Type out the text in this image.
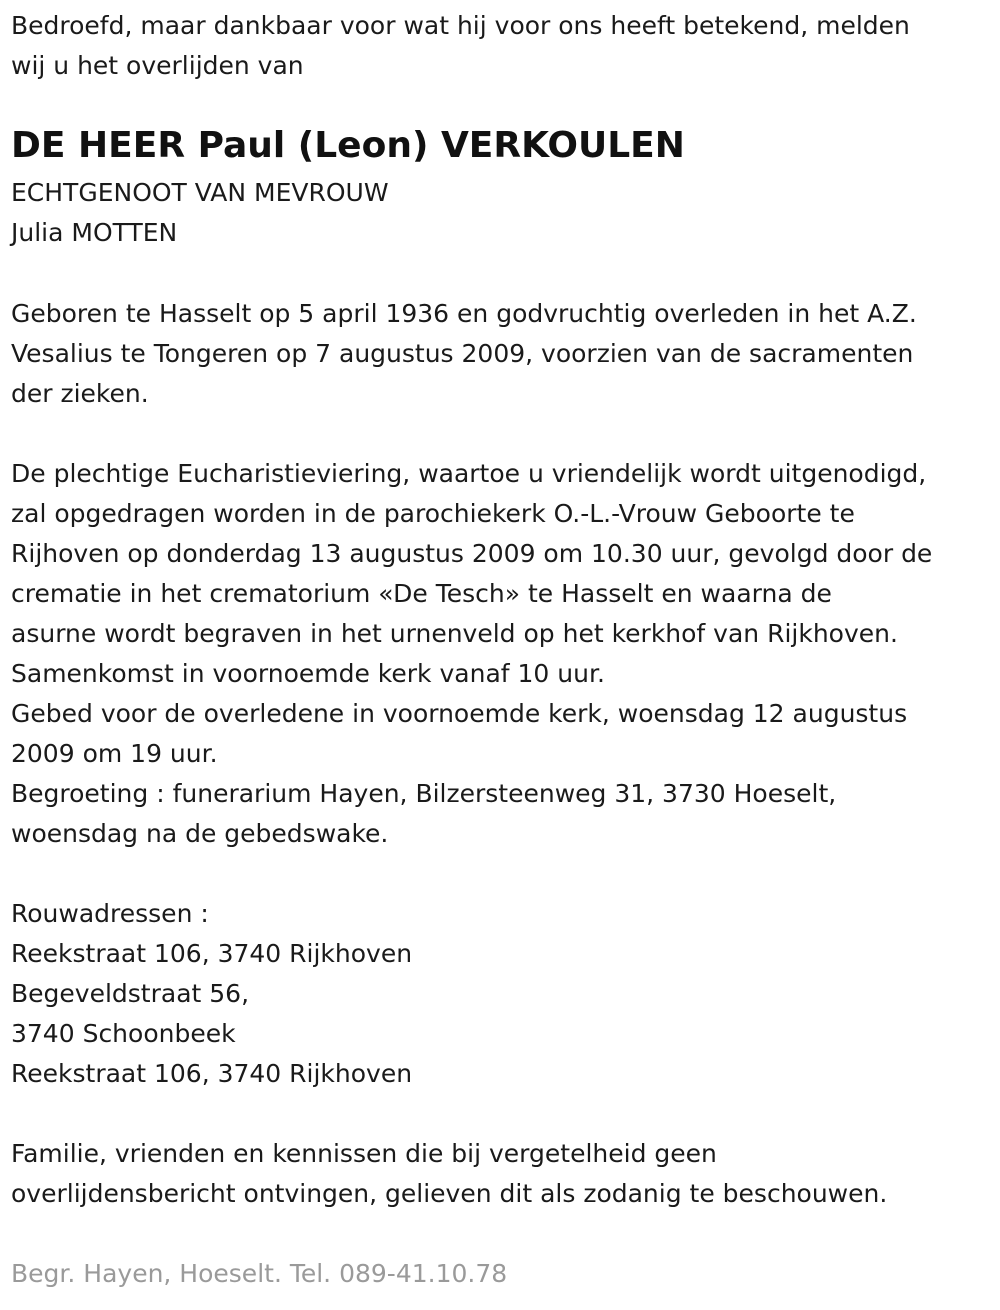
Bedroefd, maar dankbaar voor wat hij voor ons heeft betekend, melden
wij u het overlijden van
DE HEER Paul (Leon) VERKOULEN
ECHTGENOOT VAN MEVROUW
Julia MOTTEN
Geboren te Hasselt op 5 april 1936 en godvruchtig overleden in het A.Z.
Vesalius te Tongeren op 7 augustus 2009, voorzien van de sacramenten
der zieken.
De plechtige Eucharistieviering, waartoe u vriendelijk wordt uitgenodigd,
zal opgedragen worden in de parochiekerk O.-L.-Vrouw Geboorte te
Rijhoven op donderdag 13 augustus 2009 om 10.30 uur, gevolgd door de
crematie in het crematorium «De Tesch» te Hasselt en waarna de
asurne wordt begraven in het urnenveld op het kerkhof van Rijkhoven.
Samenkomst in voornoemde kerk vanaf 10 uur.
Gebed voor de overledene in voornoemde kerk, woensdag 12 augustus
2009 om 19 uur.
Begroeting : funerarium Hayen, Bilzersteenweg 31, 3730 Hoeselt,
woensdag na de gebedswake.
Rouwadressen :
Reekstraat 106, 3740 Rijkhoven
Begeveldstraat 56,
3740 Schoonbeek
Reekstraat 106, 3740 Rijkhoven
Familie, vrienden en kennissen die bij vergetelheid geen
overlijdensbericht ontvingen, gelieven dit als zodanig te beschouwen.
Begr. Hayen, Hoeselt. Tel. 089-41.10.78
